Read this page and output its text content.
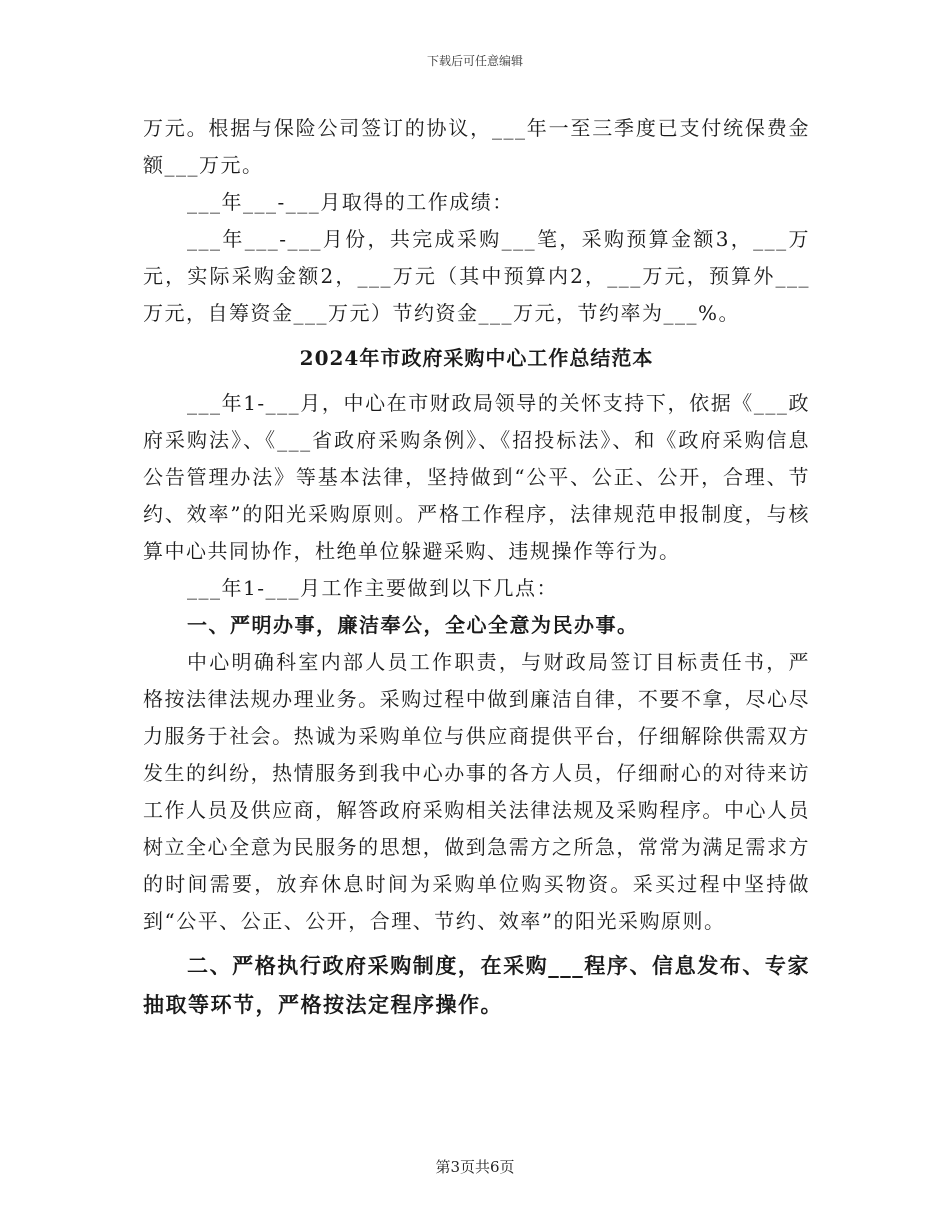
下载后可任意编辑

万元。根据与保险公司签订的协议，___年一至三季度已支付统保费金额___万元。

___年___-___月取得的工作成绩：

___年___-___月份，共完成采购___笔，采购预算金额3，___万元，实际采购金额2，___万元（其中预算内2，___万元，预算外___万元，自筹资金___万元）节约资金___万元，节约率为___%。

2024年市政府采购中心工作总结范本

___年1-___月，中心在市财政局领导的关怀支持下，依据《___政府采购法》、《___省政府采购条例》、《招投标法》、和《政府采购信息公告管理办法》等基本法律，坚持做到“公平、公正、公开，合理、节约、效率”的阳光采购原则。严格工作程序，法律规范申报制度，与核算中心共同协作，杜绝单位躲避采购、违规操作等行为。

___年1-___月工作主要做到以下几点：

一、严明办事，廉洁奉公，全心全意为民办事。

中心明确科室内部人员工作职责，与财政局签订目标责任书，严格按法律法规办理业务。采购过程中做到廉洁自律，不要不拿，尽心尽力服务于社会。热诚为采购单位与供应商提供平台，仔细解除供需双方发生的纠纷，热情服务到我中心办事的各方人员，仔细耐心的对待来访工作人员及供应商，解答政府采购相关法律法规及采购程序。中心人员树立全心全意为民服务的思想，做到急需方之所急，常常为满足需求方的时间需要，放弃休息时间为采购单位购买物资。采买过程中坚持做到“公平、公正、公开，合理、节约、效率”的阳光采购原则。

二、严格执行政府采购制度，在采购___程序、信息发布、专家抽取等环节，严格按法定程序操作。

第3页共6页
